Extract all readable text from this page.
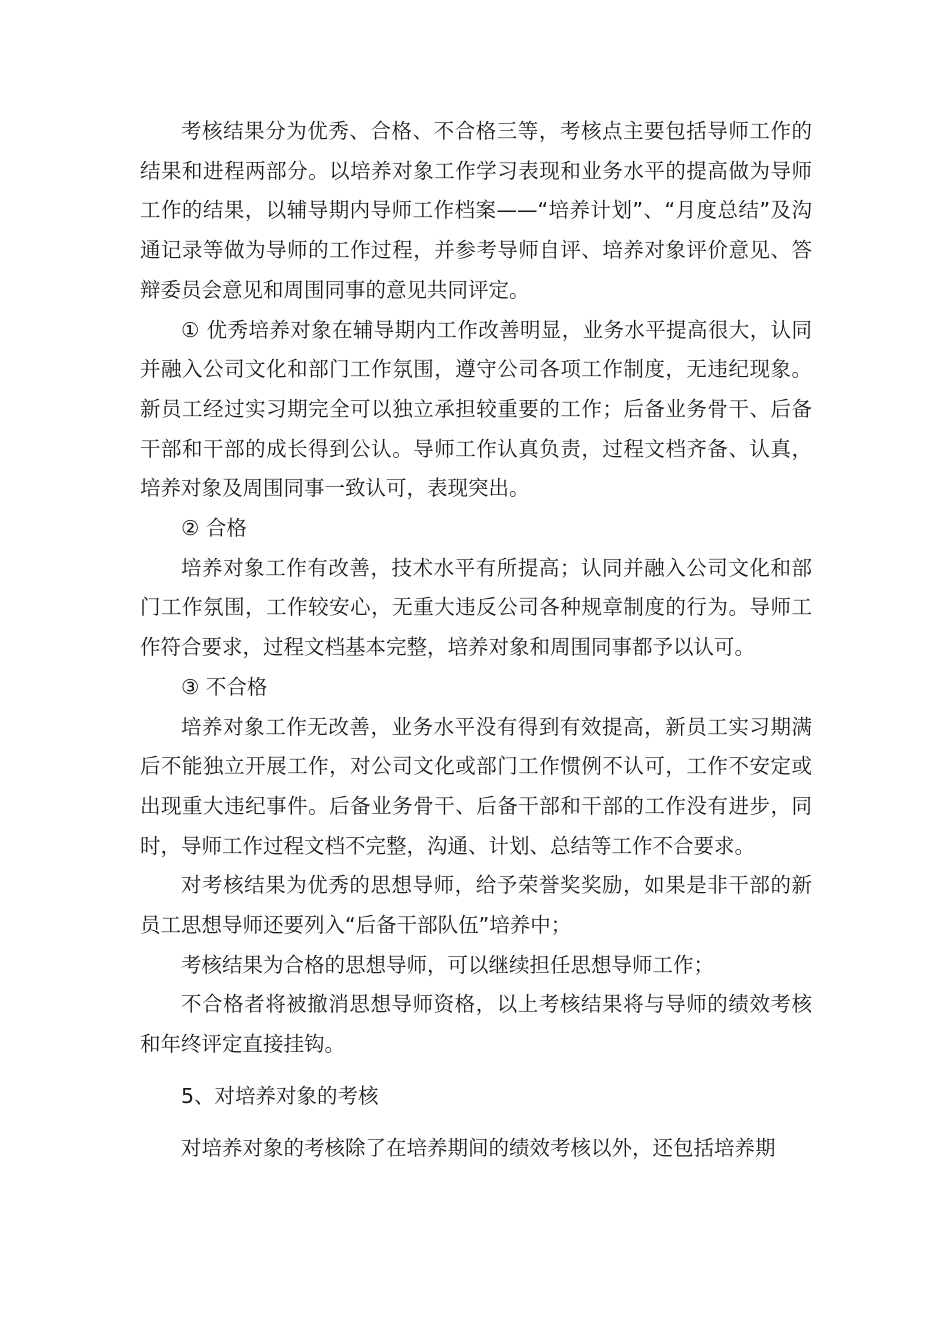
考核结果分为优秀、合格、不合格三等，考核点主要包括导师工作的结果和进程两部分。以培养对象工作学习表现和业务水平的提高做为导师工作的结果，以辅导期内导师工作档案——“培养计划”、“月度总结”及沟通记录等做为导师的工作过程，并参考导师自评、培养对象评价意见、答辩委员会意见和周围同事的意见共同评定。

① 优秀培养对象在辅导期内工作改善明显，业务水平提高很大，认同并融入公司文化和部门工作氛围，遵守公司各项工作制度，无违纪现象。新员工经过实习期完全可以独立承担较重要的工作；后备业务骨干、后备干部和干部的成长得到公认。导师工作认真负责，过程文档齐备、认真，培养对象及周围同事一致认可，表现突出。

② 合格

培养对象工作有改善，技术水平有所提高；认同并融入公司文化和部门工作氛围，工作较安心，无重大违反公司各种规章制度的行为。导师工作符合要求，过程文档基本完整，培养对象和周围同事都予以认可。

③ 不合格

培养对象工作无改善，业务水平没有得到有效提高，新员工实习期满后不能独立开展工作，对公司文化或部门工作惯例不认可，工作不安定或出现重大违纪事件。后备业务骨干、后备干部和干部的工作没有进步，同时，导师工作过程文档不完整，沟通、计划、总结等工作不合要求。

对考核结果为优秀的思想导师，给予荣誉奖奖励，如果是非干部的新员工思想导师还要列入“后备干部队伍”培养中；

考核结果为合格的思想导师，可以继续担任思想导师工作；

不合格者将被撤消思想导师资格，以上考核结果将与导师的绩效考核和年终评定直接挂钩。

5、对培养对象的考核

对培养对象的考核除了在培养期间的绩效考核以外，还包括培养期
